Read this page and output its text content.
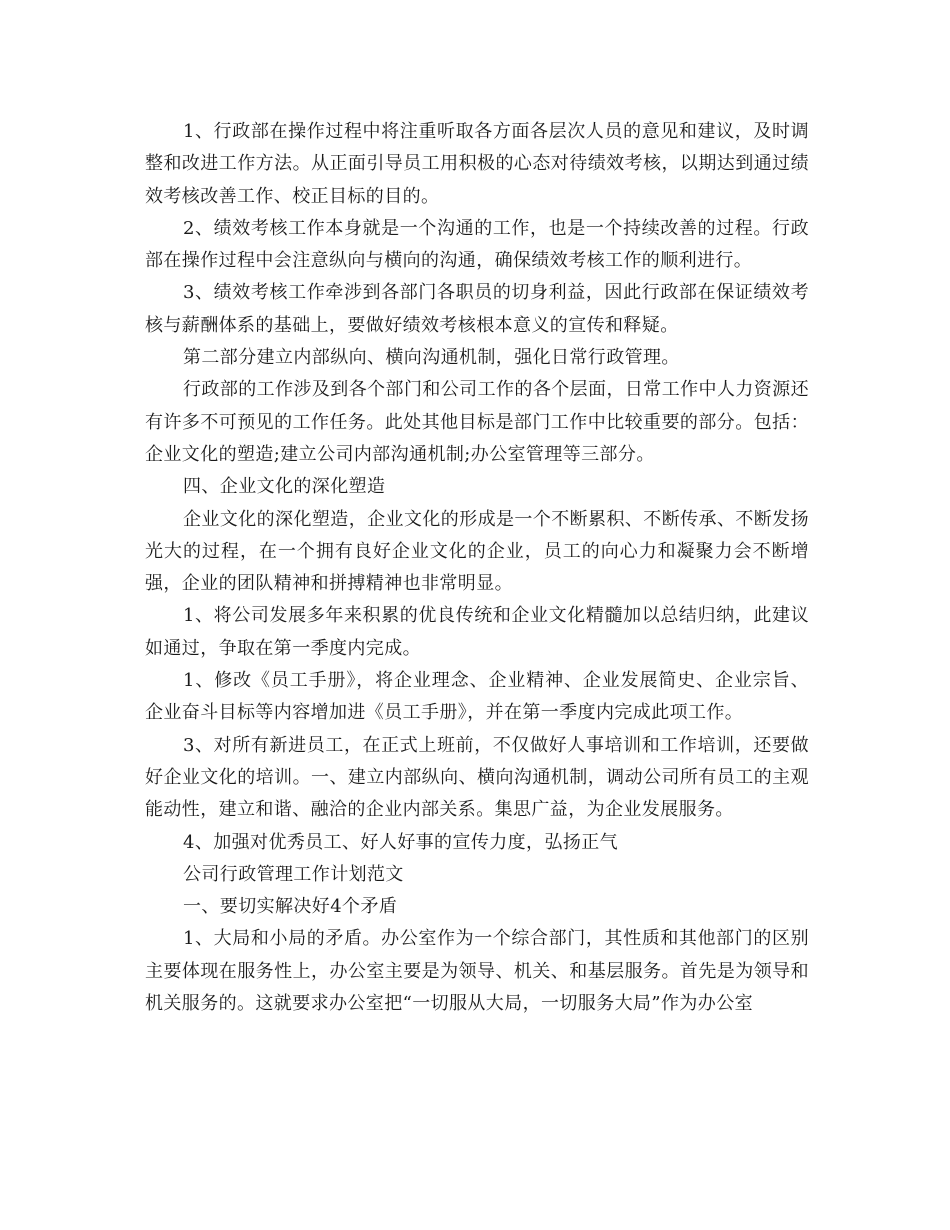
1、行政部在操作过程中将注重听取各方面各层次人员的意见和建议，及时调整和改进工作方法。从正面引导员工用积极的心态对待绩效考核，以期达到通过绩效考核改善工作、校正目标的目的。

2、绩效考核工作本身就是一个沟通的工作，也是一个持续改善的过程。行政部在操作过程中会注意纵向与横向的沟通，确保绩效考核工作的顺利进行。

3、绩效考核工作牵涉到各部门各职员的切身利益，因此行政部在保证绩效考核与薪酬体系的基础上，要做好绩效考核根本意义的宣传和释疑。

第二部分建立内部纵向、横向沟通机制，强化日常行政管理。

行政部的工作涉及到各个部门和公司工作的各个层面，日常工作中人力资源还有许多不可预见的工作任务。此处其他目标是部门工作中比较重要的部分。包括：企业文化的塑造;建立公司内部沟通机制;办公室管理等三部分。

四、企业文化的深化塑造

企业文化的深化塑造，企业文化的形成是一个不断累积、不断传承、不断发扬光大的过程，在一个拥有良好企业文化的企业，员工的向心力和凝聚力会不断增强，企业的团队精神和拼搏精神也非常明显。

1、将公司发展多年来积累的优良传统和企业文化精髓加以总结归纳，此建议如通过，争取在第一季度内完成。

1、修改《员工手册》，将企业理念、企业精神、企业发展简史、企业宗旨、企业奋斗目标等内容增加进《员工手册》，并在第一季度内完成此项工作。

3、对所有新进员工，在正式上班前，不仅做好人事培训和工作培训，还要做好企业文化的培训。一、建立内部纵向、横向沟通机制，调动公司所有员工的主观能动性，建立和谐、融洽的企业内部关系。集思广益，为企业发展服务。

4、加强对优秀员工、好人好事的宣传力度，弘扬正气

公司行政管理工作计划范文

一、要切实解决好4个矛盾

1、大局和小局的矛盾。办公室作为一个综合部门，其性质和其他部门的区别主要体现在服务性上，办公室主要是为领导、机关、和基层服务。首先是为领导和机关服务的。这就要求办公室把“一切服从大局，一切服务大局”作为办公室
